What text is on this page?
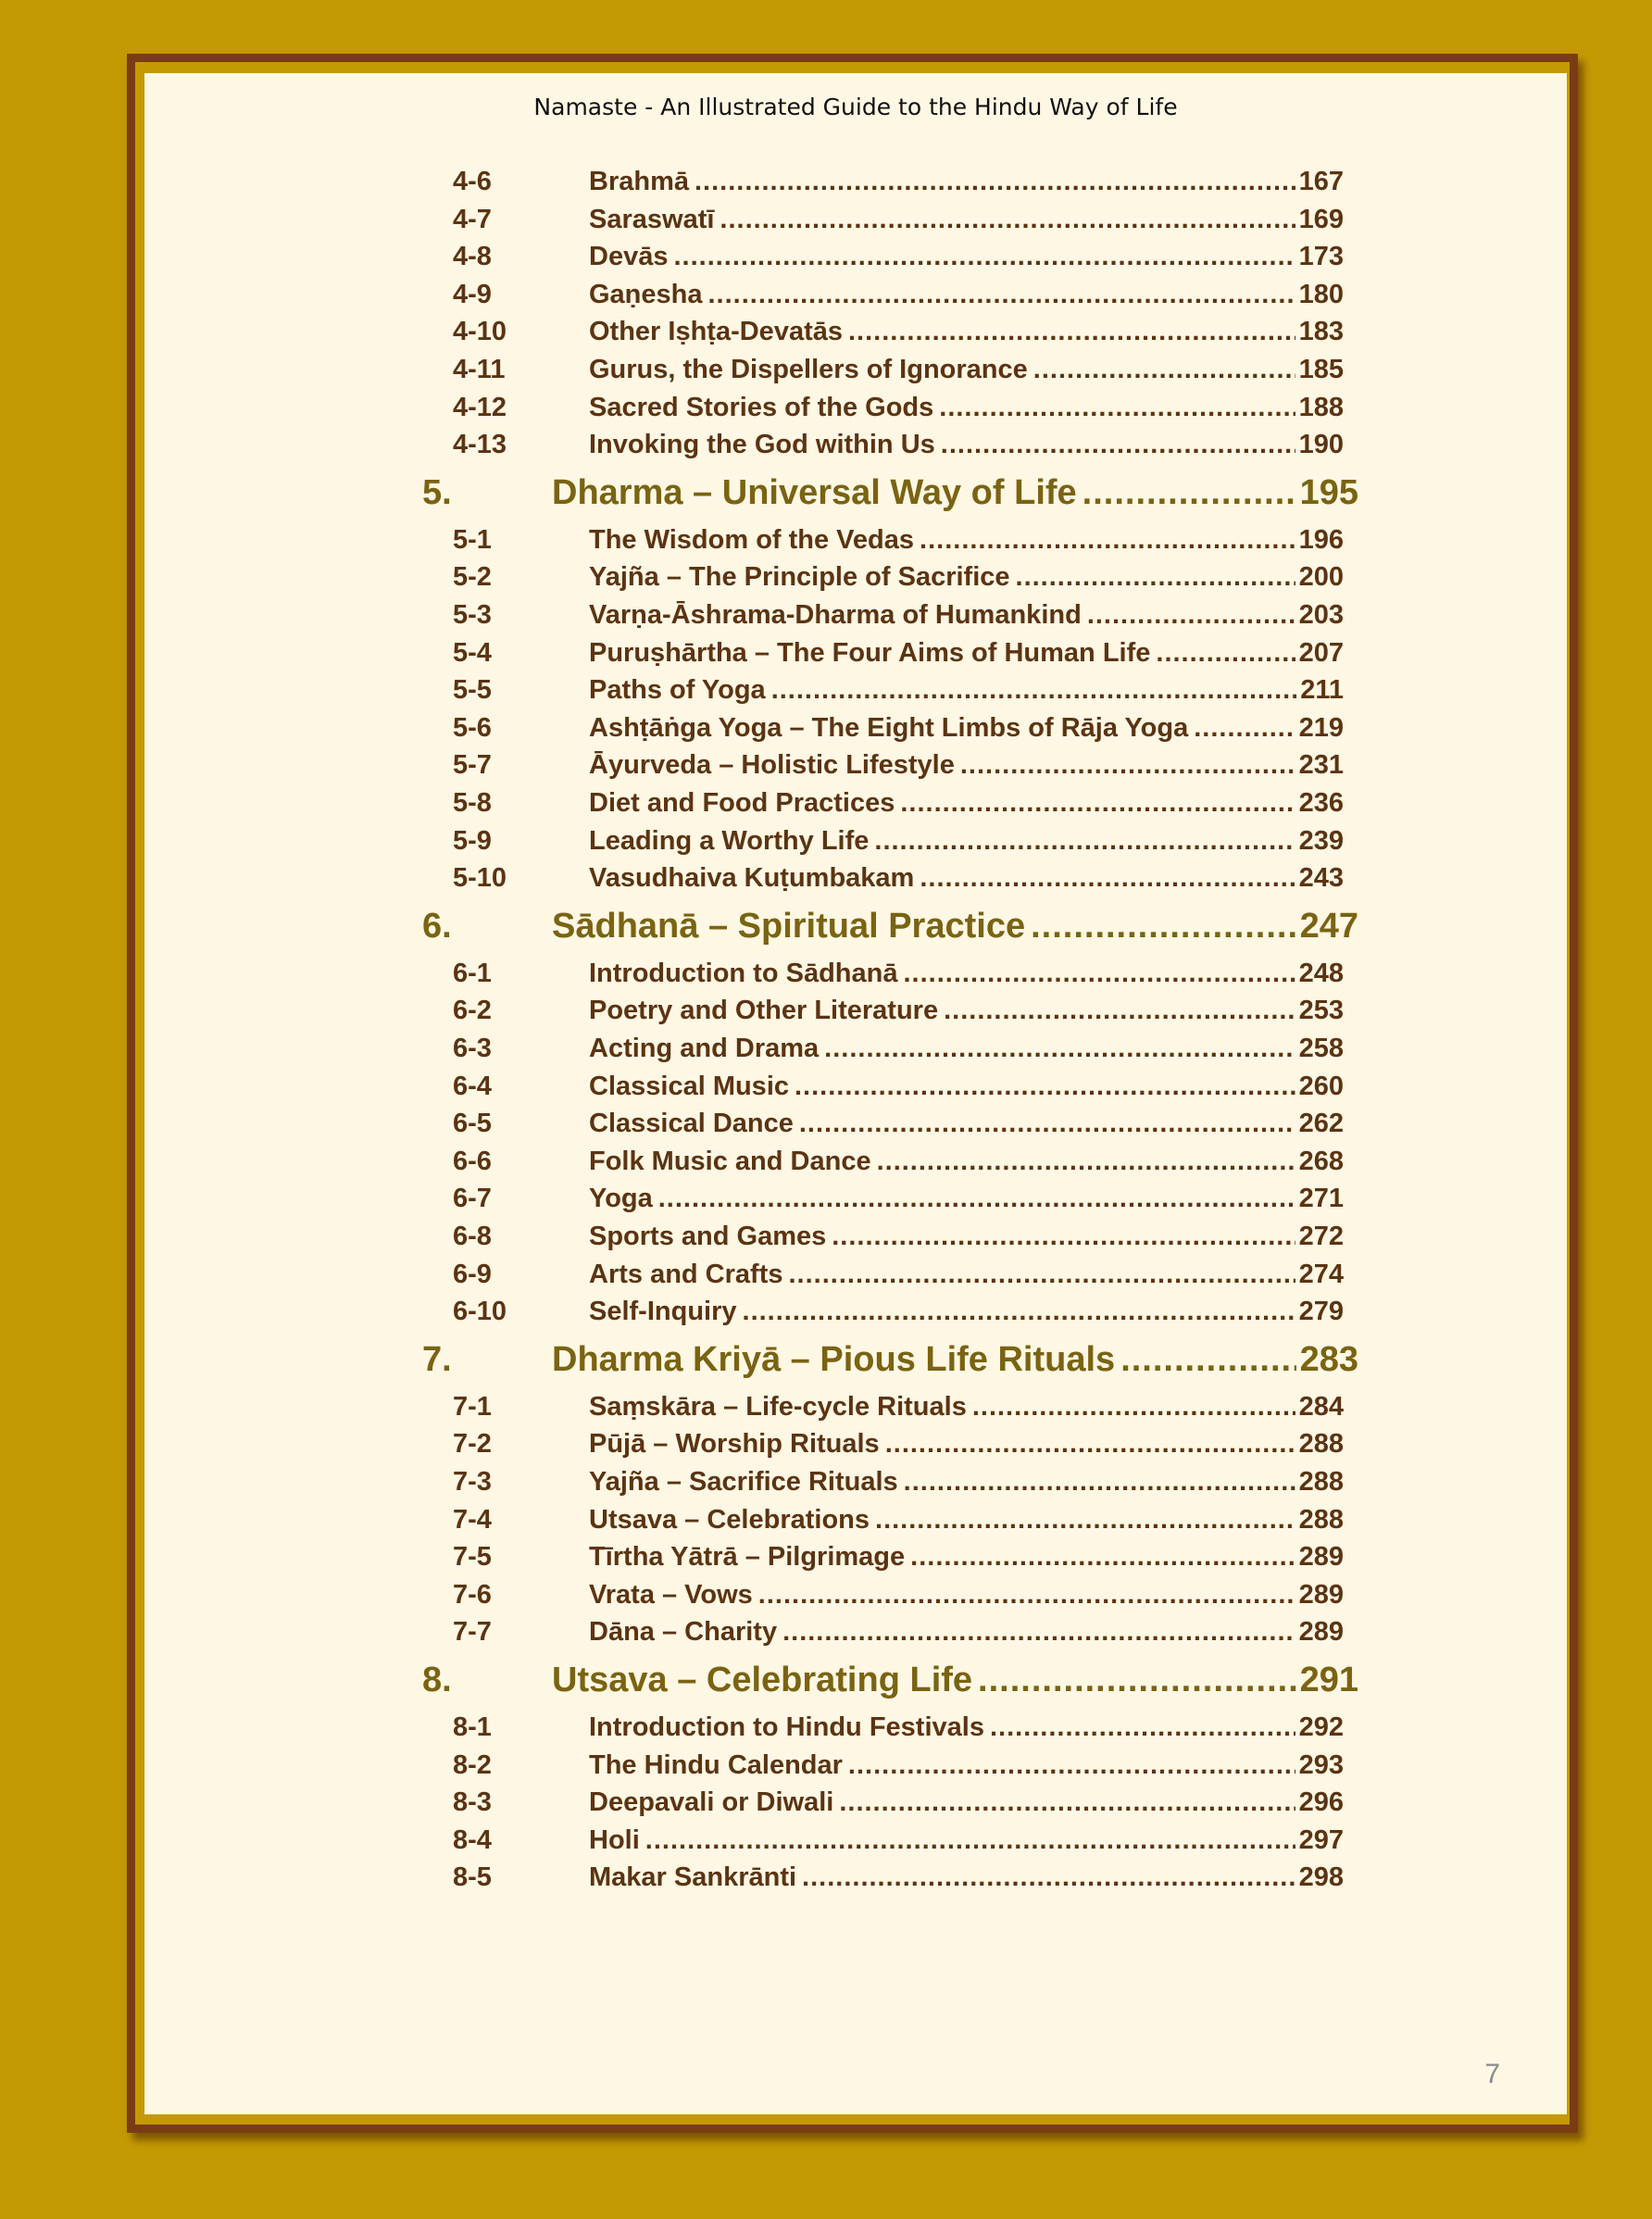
Namaste - An Illustrated Guide to the Hindu Way of Life
4-6	Brahmā .....	167
4-7	Saraswatī .....	169
4-8	Devās .....	173
4-9	Gaṇesha .....	180
4-10	Other Iṣhṭa-Devatās .....	183
4-11	Gurus, the Dispellers of Ignorance .....	185
4-12	Sacred Stories of the Gods .....	188
4-13	Invoking the God within Us .....	190
5.	Dharma – Universal Way of Life .....	195
5-1	The Wisdom of the Vedas .....	196
5-2	Yajña – The Principle of Sacrifice .....	200
5-3	Varṇa-Āshrama-Dharma of Humankind .....	203
5-4	Puruṣhārtha – The Four Aims of Human Life .....	207
5-5	Paths of Yoga .....	211
5-6	Ashṭāṅga Yoga – The Eight Limbs of Rāja Yoga .....	219
5-7	Āyurveda – Holistic Lifestyle .....	231
5-8	Diet and Food Practices .....	236
5-9	Leading a Worthy Life .....	239
5-10	Vasudhaiva Kuṭumbakam .....	243
6.	Sādhanā – Spiritual Practice .....	247
6-1	Introduction to Sādhanā .....	248
6-2	Poetry and Other Literature .....	253
6-3	Acting and Drama .....	258
6-4	Classical Music .....	260
6-5	Classical Dance .....	262
6-6	Folk Music and Dance .....	268
6-7	Yoga .....	271
6-8	Sports and Games .....	272
6-9	Arts and Crafts .....	274
6-10	Self-Inquiry .....	279
7.	Dharma Kriyā – Pious Life Rituals .....	283
7-1	Saṃskāra – Life-cycle Rituals .....	284
7-2	Pūjā – Worship Rituals .....	288
7-3	Yajña – Sacrifice Rituals .....	288
7-4	Utsava – Celebrations .....	288
7-5	Tīrtha Yātrā – Pilgrimage .....	289
7-6	Vrata – Vows .....	289
7-7	Dāna – Charity .....	289
8.	Utsava – Celebrating Life .....	291
8-1	Introduction to Hindu Festivals .....	292
8-2	The Hindu Calendar .....	293
8-3	Deepavali or Diwali .....	296
8-4	Holi .....	297
8-5	Makar Sankrānti .....	298
7
